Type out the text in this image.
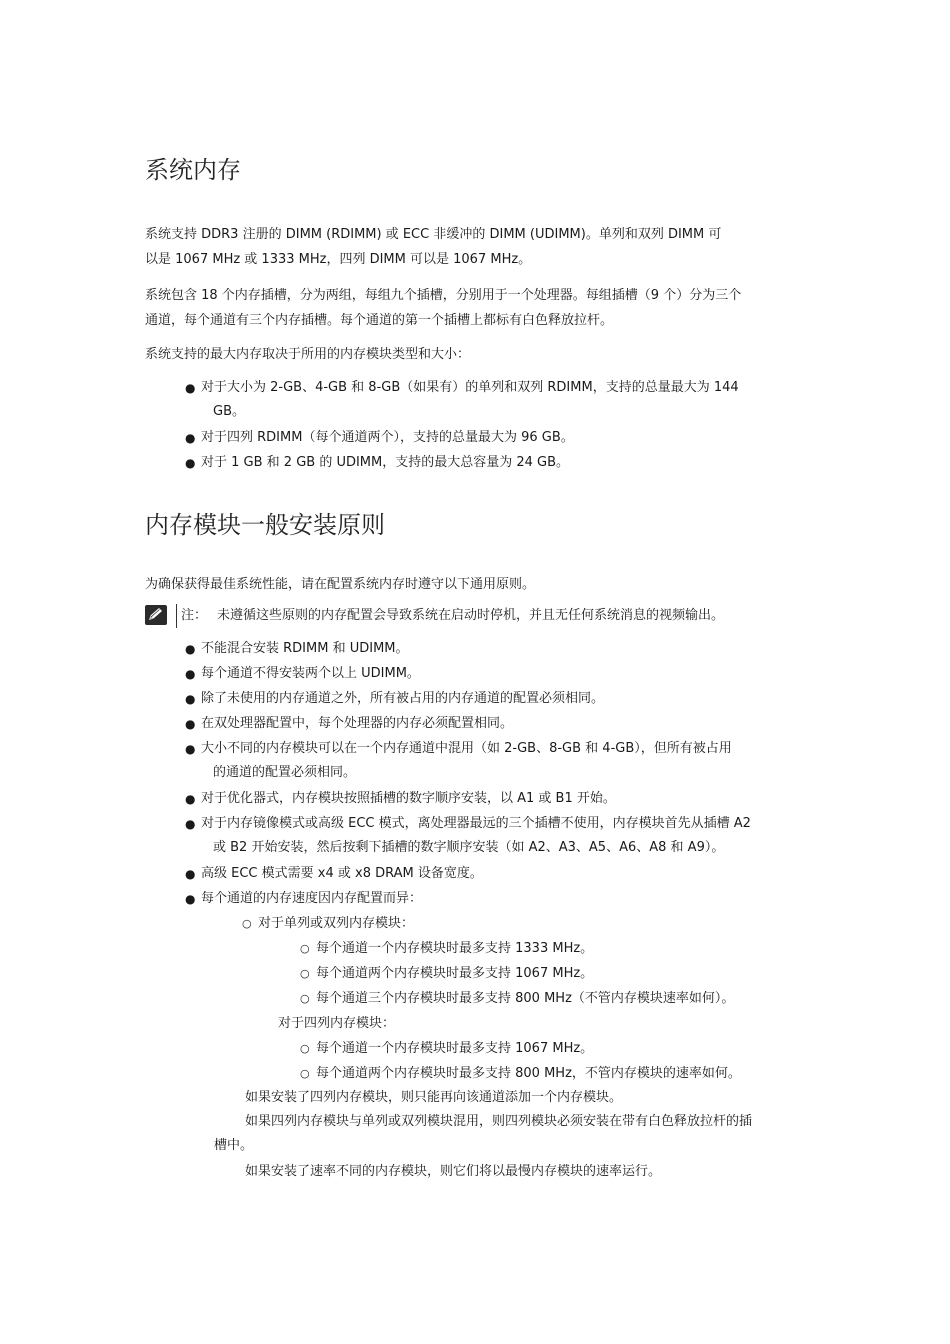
系统内存

系统支持 DDR3 注册的 DIMM (RDIMM) 或 ECC 非缓冲的 DIMM (UDIMM)。单列和双列 DIMM 可
以是 1067 MHz 或 1333 MHz，四列 DIMM 可以是 1067 MHz。

系统包含 18 个内存插槽，分为两组，每组九个插槽，分别用于一个处理器。每组插槽（9 个）分为三个
通道，每个通道有三个内存插槽。每个通道的第一个插槽上都标有白色释放拉杆。

系统支持的最大内存取决于所用的内存模块类型和大小：

● 对于大小为 2-GB、4-GB 和 8-GB（如果有）的单列和双列 RDIMM，支持的总量最大为 144
GB。
● 对于四列 RDIMM（每个通道两个），支持的总量最大为 96 GB。
● 对于 1 GB 和 2 GB 的 UDIMM，支持的最大总容量为 24 GB。
内存模块一般安装原则

为确保获得最佳系统性能，请在配置系统内存时遵守以下通用原则。

注： 未遵循这些原则的内存配置会导致系统在启动时停机，并且无任何系统消息的视频输出。
● 不能混合安装 RDIMM 和 UDIMM。
● 每个通道不得安装两个以上 UDIMM。
● 除了未使用的内存通道之外，所有被占用的内存通道的配置必须相同。
● 在双处理器配置中，每个处理器的内存必须配置相同。
● 大小不同的内存模块可以在一个内存通道中混用（如 2-GB、8-GB 和 4-GB），但所有被占用
的通道的配置必须相同。
● 对于优化器式，内存模块按照插槽的数字顺序安装，以 A1 或 B1 开始。
● 对于内存镜像模式或高级 ECC 模式，离处理器最远的三个插槽不使用，内存模块首先从插槽 A2
或 B2 开始安装，然后按剩下插槽的数字顺序安装（如 A2、A3、A5、A6、A8 和 A9）。
● 高级 ECC 模式需要 x4 或 x8 DRAM 设备宽度。
● 每个通道的内存速度因内存配置而异：
○ 对于单列或双列内存模块：
○ 每个通道一个内存模块时最多支持 1333 MHz。
○ 每个通道两个内存模块时最多支持 1067 MHz。
○ 每个通道三个内存模块时最多支持 800 MHz（不管内存模块速率如何）。
对于四列内存模块：
○ 每个通道一个内存模块时最多支持 1067 MHz。
○ 每个通道两个内存模块时最多支持 800 MHz，不管内存模块的速率如何。
如果安装了四列内存模块，则只能再向该通道添加一个内存模块。
如果四列内存模块与单列或双列模块混用，则四列模块必须安装在带有白色释放拉杆的插
槽中。
如果安装了速率不同的内存模块，则它们将以最慢内存模块的速率运行。
